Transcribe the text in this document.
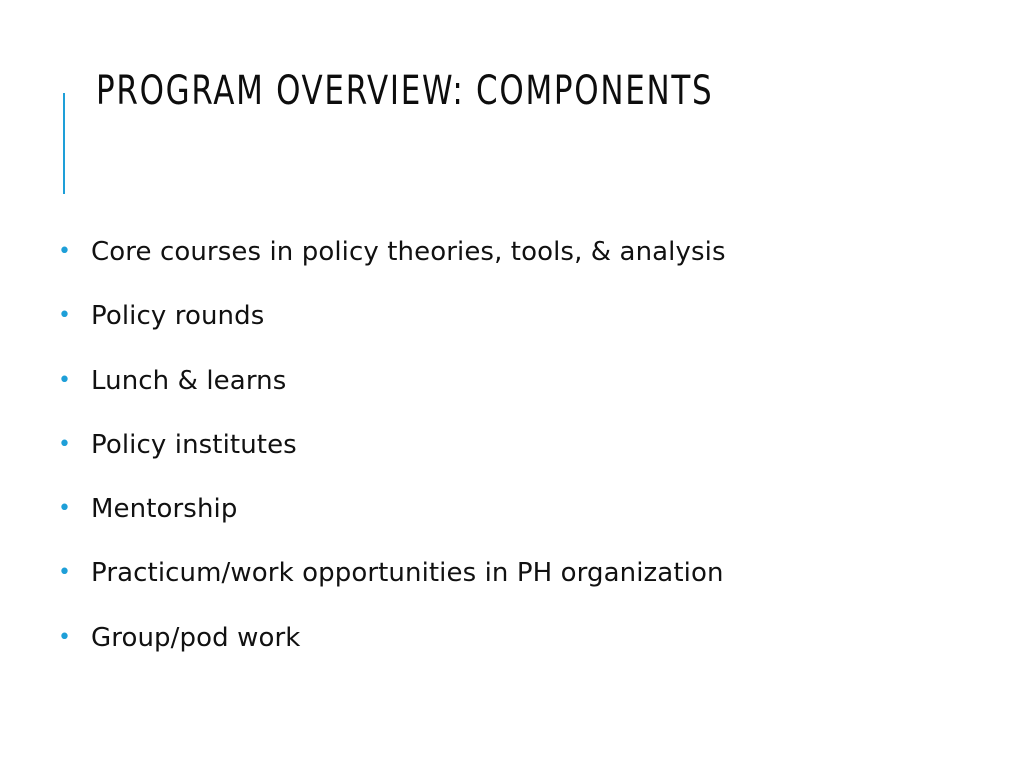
PROGRAM OVERVIEW: COMPONENTS
• Core courses in policy theories, tools, & analysis
• Policy rounds
• Lunch & learns
• Policy institutes
• Mentorship
• Practicum/work opportunities in PH organization
• Group/pod work
